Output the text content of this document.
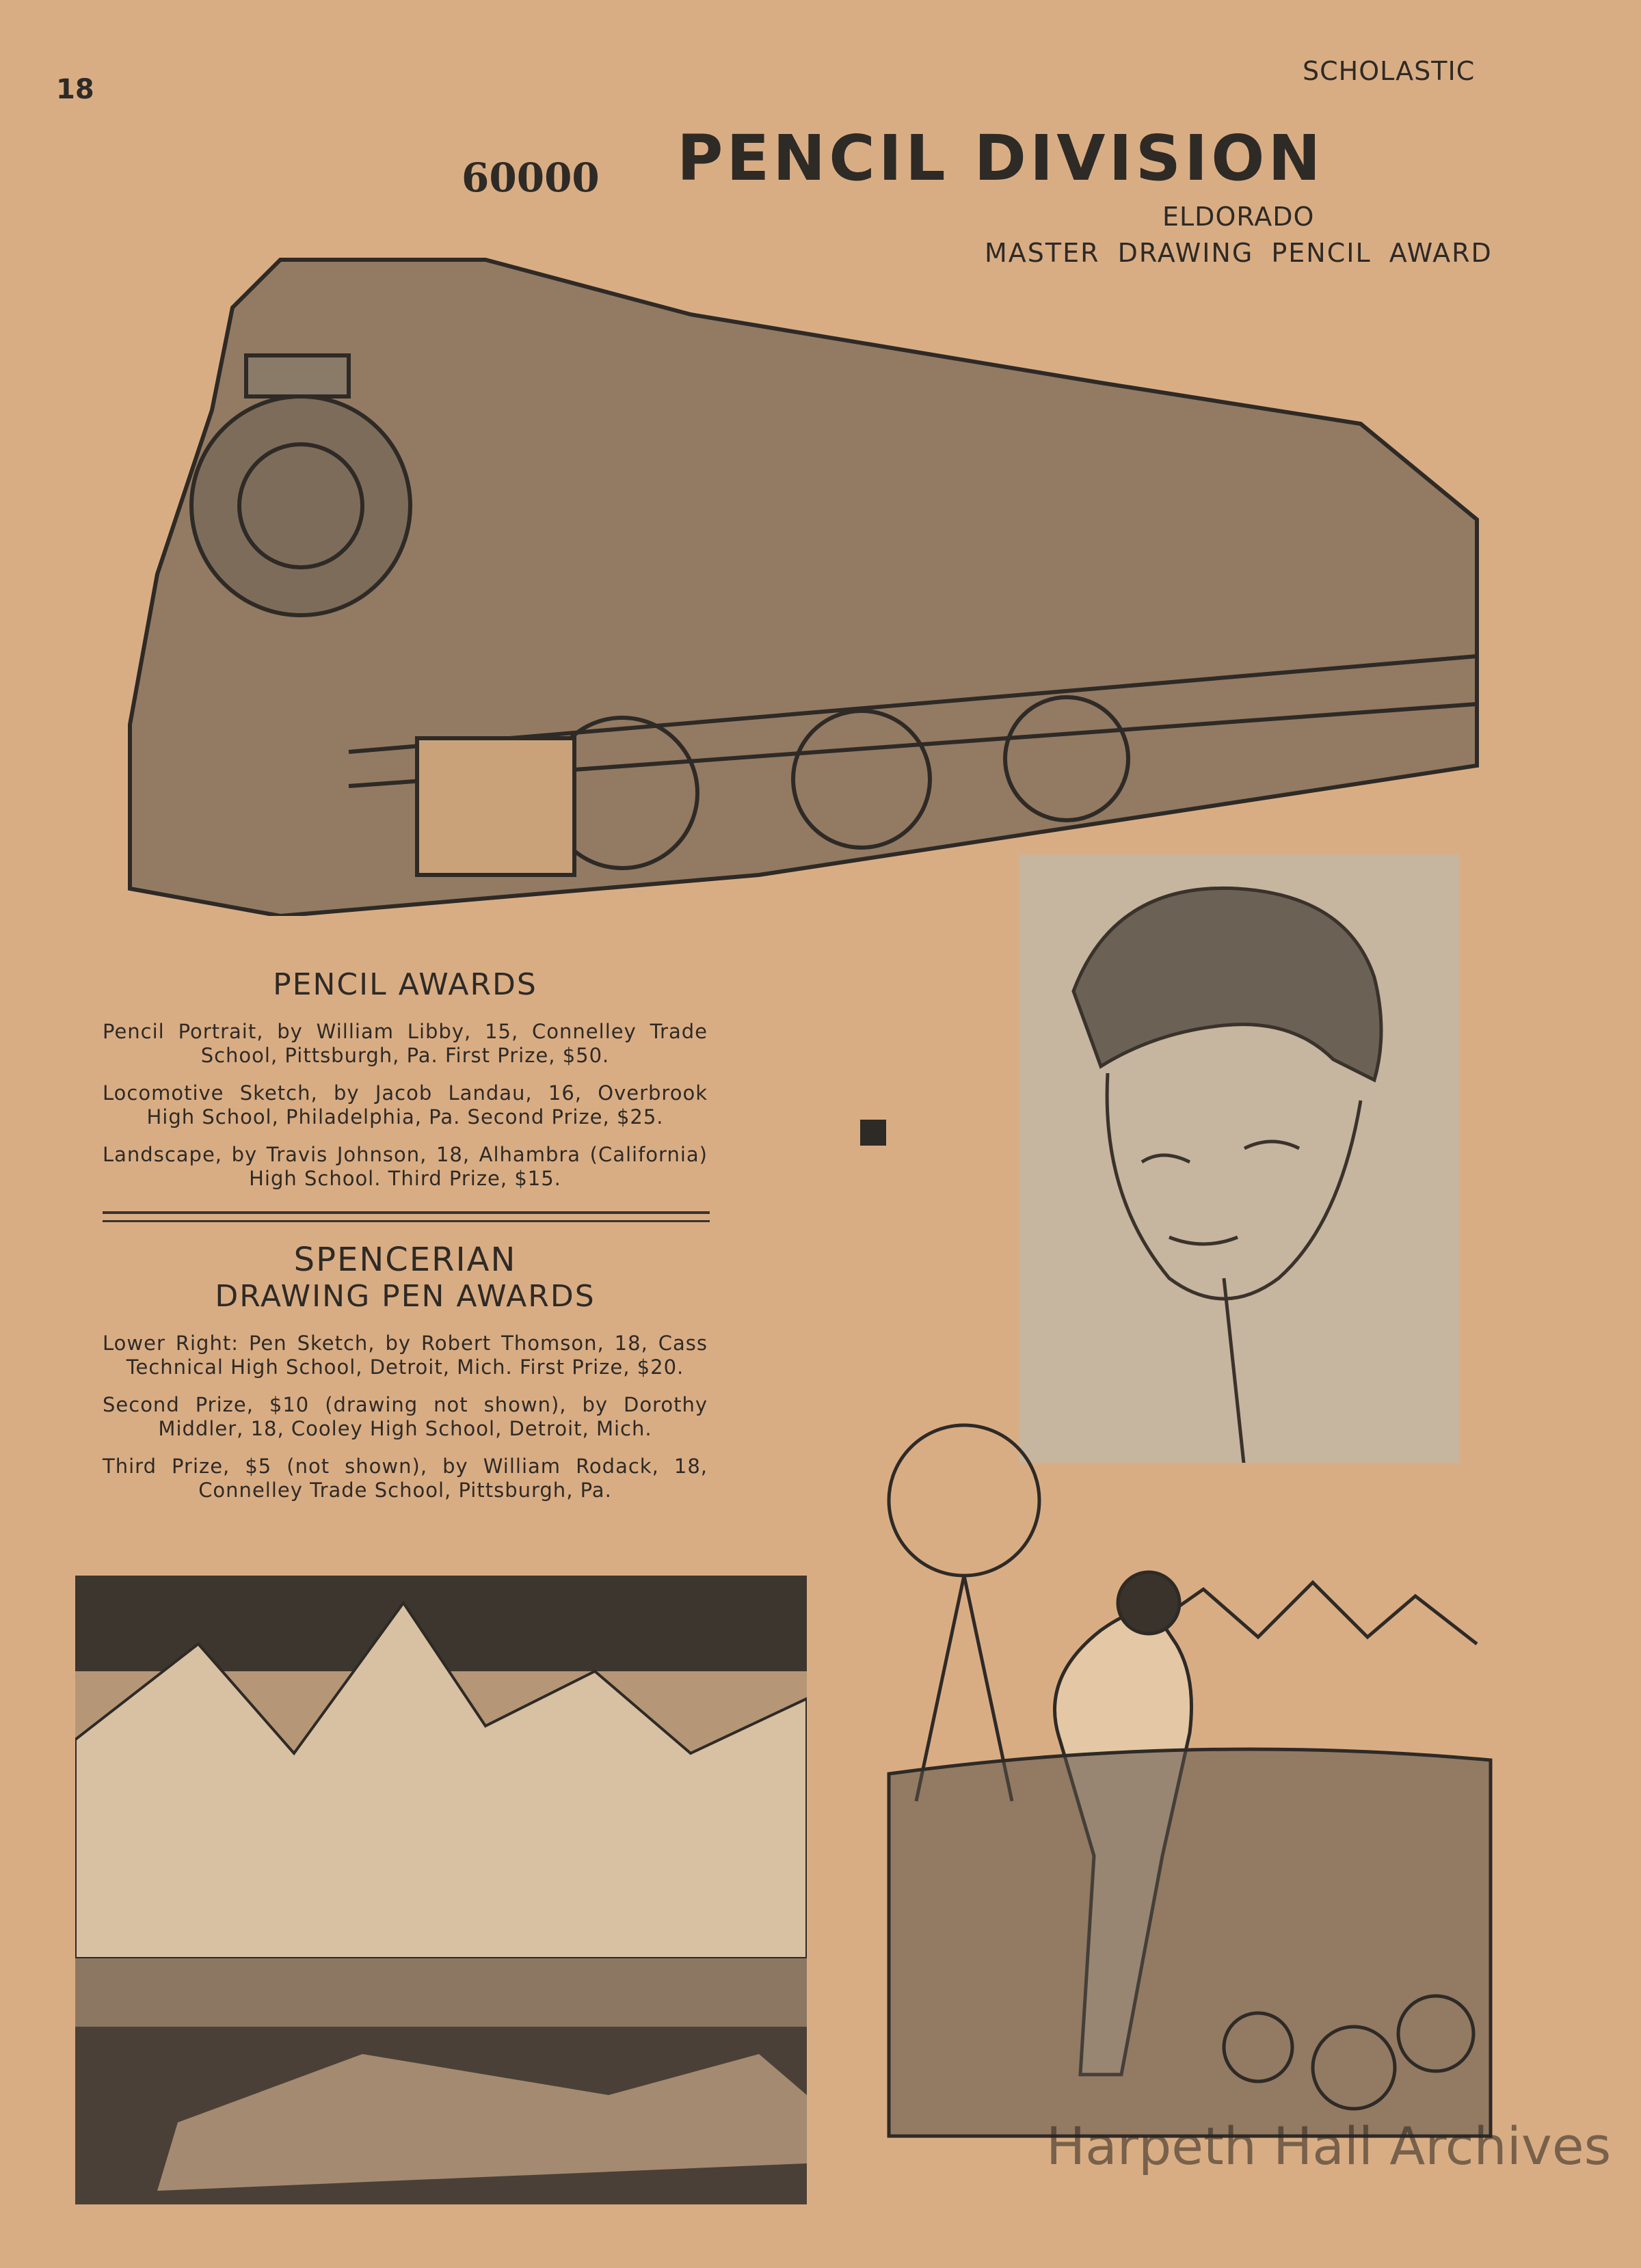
18
SCHOLASTIC
PENCIL DIVISION
ELDORADO
MASTER DRAWING PENCIL AWARD
60000
PENCIL AWARDS

Pencil Portrait, by William Libby, 15, Connelley Trade School, Pittsburgh, Pa. First Prize, $50.

Locomotive Sketch, by Jacob Landau, 16, Overbrook High School, Philadelphia, Pa. Second Prize, $25.

Landscape, by Travis Johnson, 18, Alhambra (California) High School. Third Prize, $15.

SPENCERIAN
DRAWING PEN AWARDS

Lower Right: Pen Sketch, by Robert Thomson, 18, Cass Technical High School, Detroit, Mich. First Prize, $20.

Second Prize, $10 (drawing not shown), by Dorothy Middler, 18, Cooley High School, Detroit, Mich.

Third Prize, $5 (not shown), by William Rodack, 18, Connelley Trade School, Pittsburgh, Pa.

Harpeth Hall Archives
